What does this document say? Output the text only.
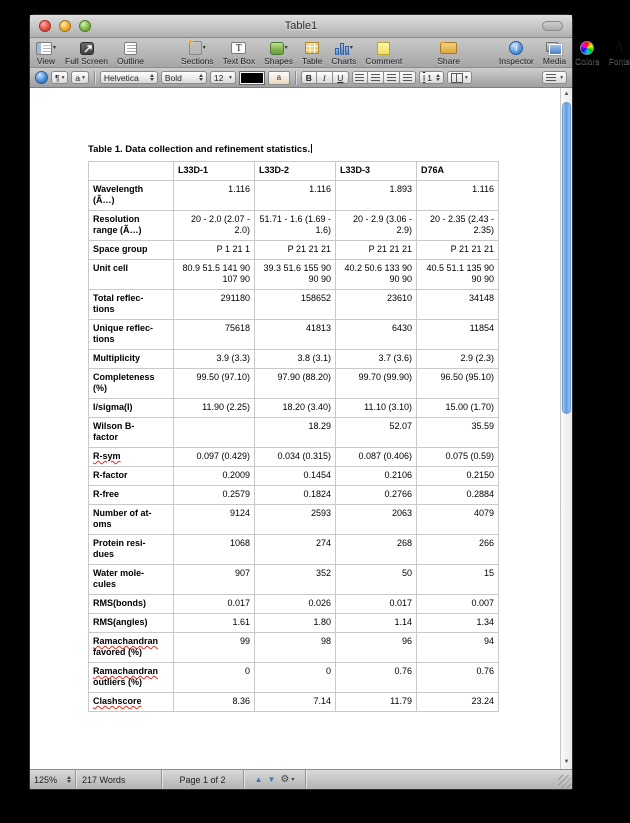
Table1
▾
View Full Screen Outline
✦
▾
Sections
T
Text Box
▾
Shapes Table
▾
Charts Comment
✦
Share
i
Inspector Media Colors
A
Fonts
¶ ▾ a ▾ Helvetica	Bold	12 ▾	a	B	I	U	I 1	▾	▾
Table 1. Data collection and refinement statistics.
	L33D-1	L33D-2	L33D-3	D76A
Wavelength
(Ã…)	1.116	1.116	1.893	1.116
Resolution
range (Ã…)	20 - 2.0 (2.07 - 2.0)	51.71 - 1.6 (1.69 - 1.6)	20 - 2.9 (3.06 - 2.9)	20 - 2.35 (2.43 - 2.35)
Space group	P 1 21 1	P 21 21 21	P 21 21 21	P 21 21 21
Unit cell	80.9 51.5 141 90 107 90	39.3 51.6 155 90 90 90	40.2 50.6 133 90 90 90	40.5 51.1 135 90 90 90
Total reflec-
tions	291180	158652	23610	34148
Unique reflec-
tions	75618	41813	6430	11854
Multiplicity	3.9 (3.3)	3.8 (3.1)	3.7 (3.6)	2.9 (2.3)
Completeness
(%)	99.50 (97.10)	97.90 (88.20)	99.70 (99.90)	96.50 (95.10)
I/sigma(I)	11.90 (2.25)	18.20 (3.40)	11.10 (3.10)	15.00 (1.70)
Wilson B-
factor		18.29	52.07	35.59
R-sym	0.097 (0.429)	0.034 (0.315)	0.087 (0.406)	0.075 (0.59)
R-factor	0.2009	0.1454	0.2106	0.2150
R-free	0.2579	0.1824	0.2766	0.2884
Number of at-
oms	9124	2593	2063	4079
Protein resi-
dues	1068	274	268	266
Water mole-
cules	907	352	50	15
RMS(bonds)	0.017	0.026	0.017	0.007
RMS(angles)	1.61	1.80	1.14	1.34
Ramachandran
favored (%)	99	98	96	94
Ramachandran
outliers (%)	0	0	0.76	0.76
Clashscore	8.36	7.14	11.79	23.24
▲
▼
125%	217 Words	Page 1 of 2	▲ ▼ ⚙ ▾
